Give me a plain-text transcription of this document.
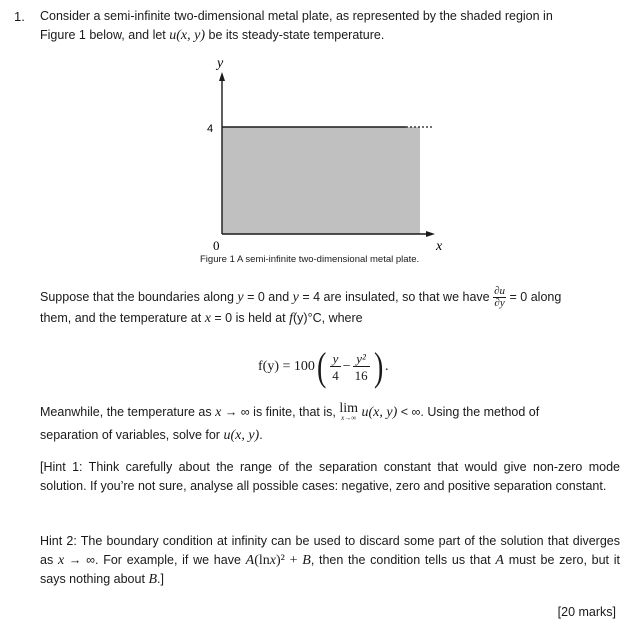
1. Consider a semi-infinite two-dimensional metal plate, as represented by the shaded region in

Figure 1 below, and let u(x, y) be its steady-state temperature.

y
4
0	x
Figure 1 A semi-infinite two-dimensional metal plate.

Suppose that the boundaries along y = 0 and y = 4 are insulated, so that we have $\frac{\partial u}{\partial y} = 0$ along

them, and the temperature at x = 0 is held at f(y)°C, where

f(y) = 100 ( $\frac{y}{4} - \frac{\text{y²}}{16}$ ) .

Meanwhile, the temperature as x → ∞ is finite, that is, lim
x→∞ u(x, y) < ∞. Using the method of

separation of variables, solve for u(x, y).

[Hint 1: Think carefully about the range of the separation constant that would give non-zero mode solution. If you’re not sure, analyse all possible cases: negative, zero and positive separation constant.

Hint 2: The boundary condition at infinity can be used to discard some part of the solution that diverges as x → ∞. For example, if we have A(lnx)² + B, then the condition tells us that A must be zero, but it says nothing about B.]

[20 marks]
